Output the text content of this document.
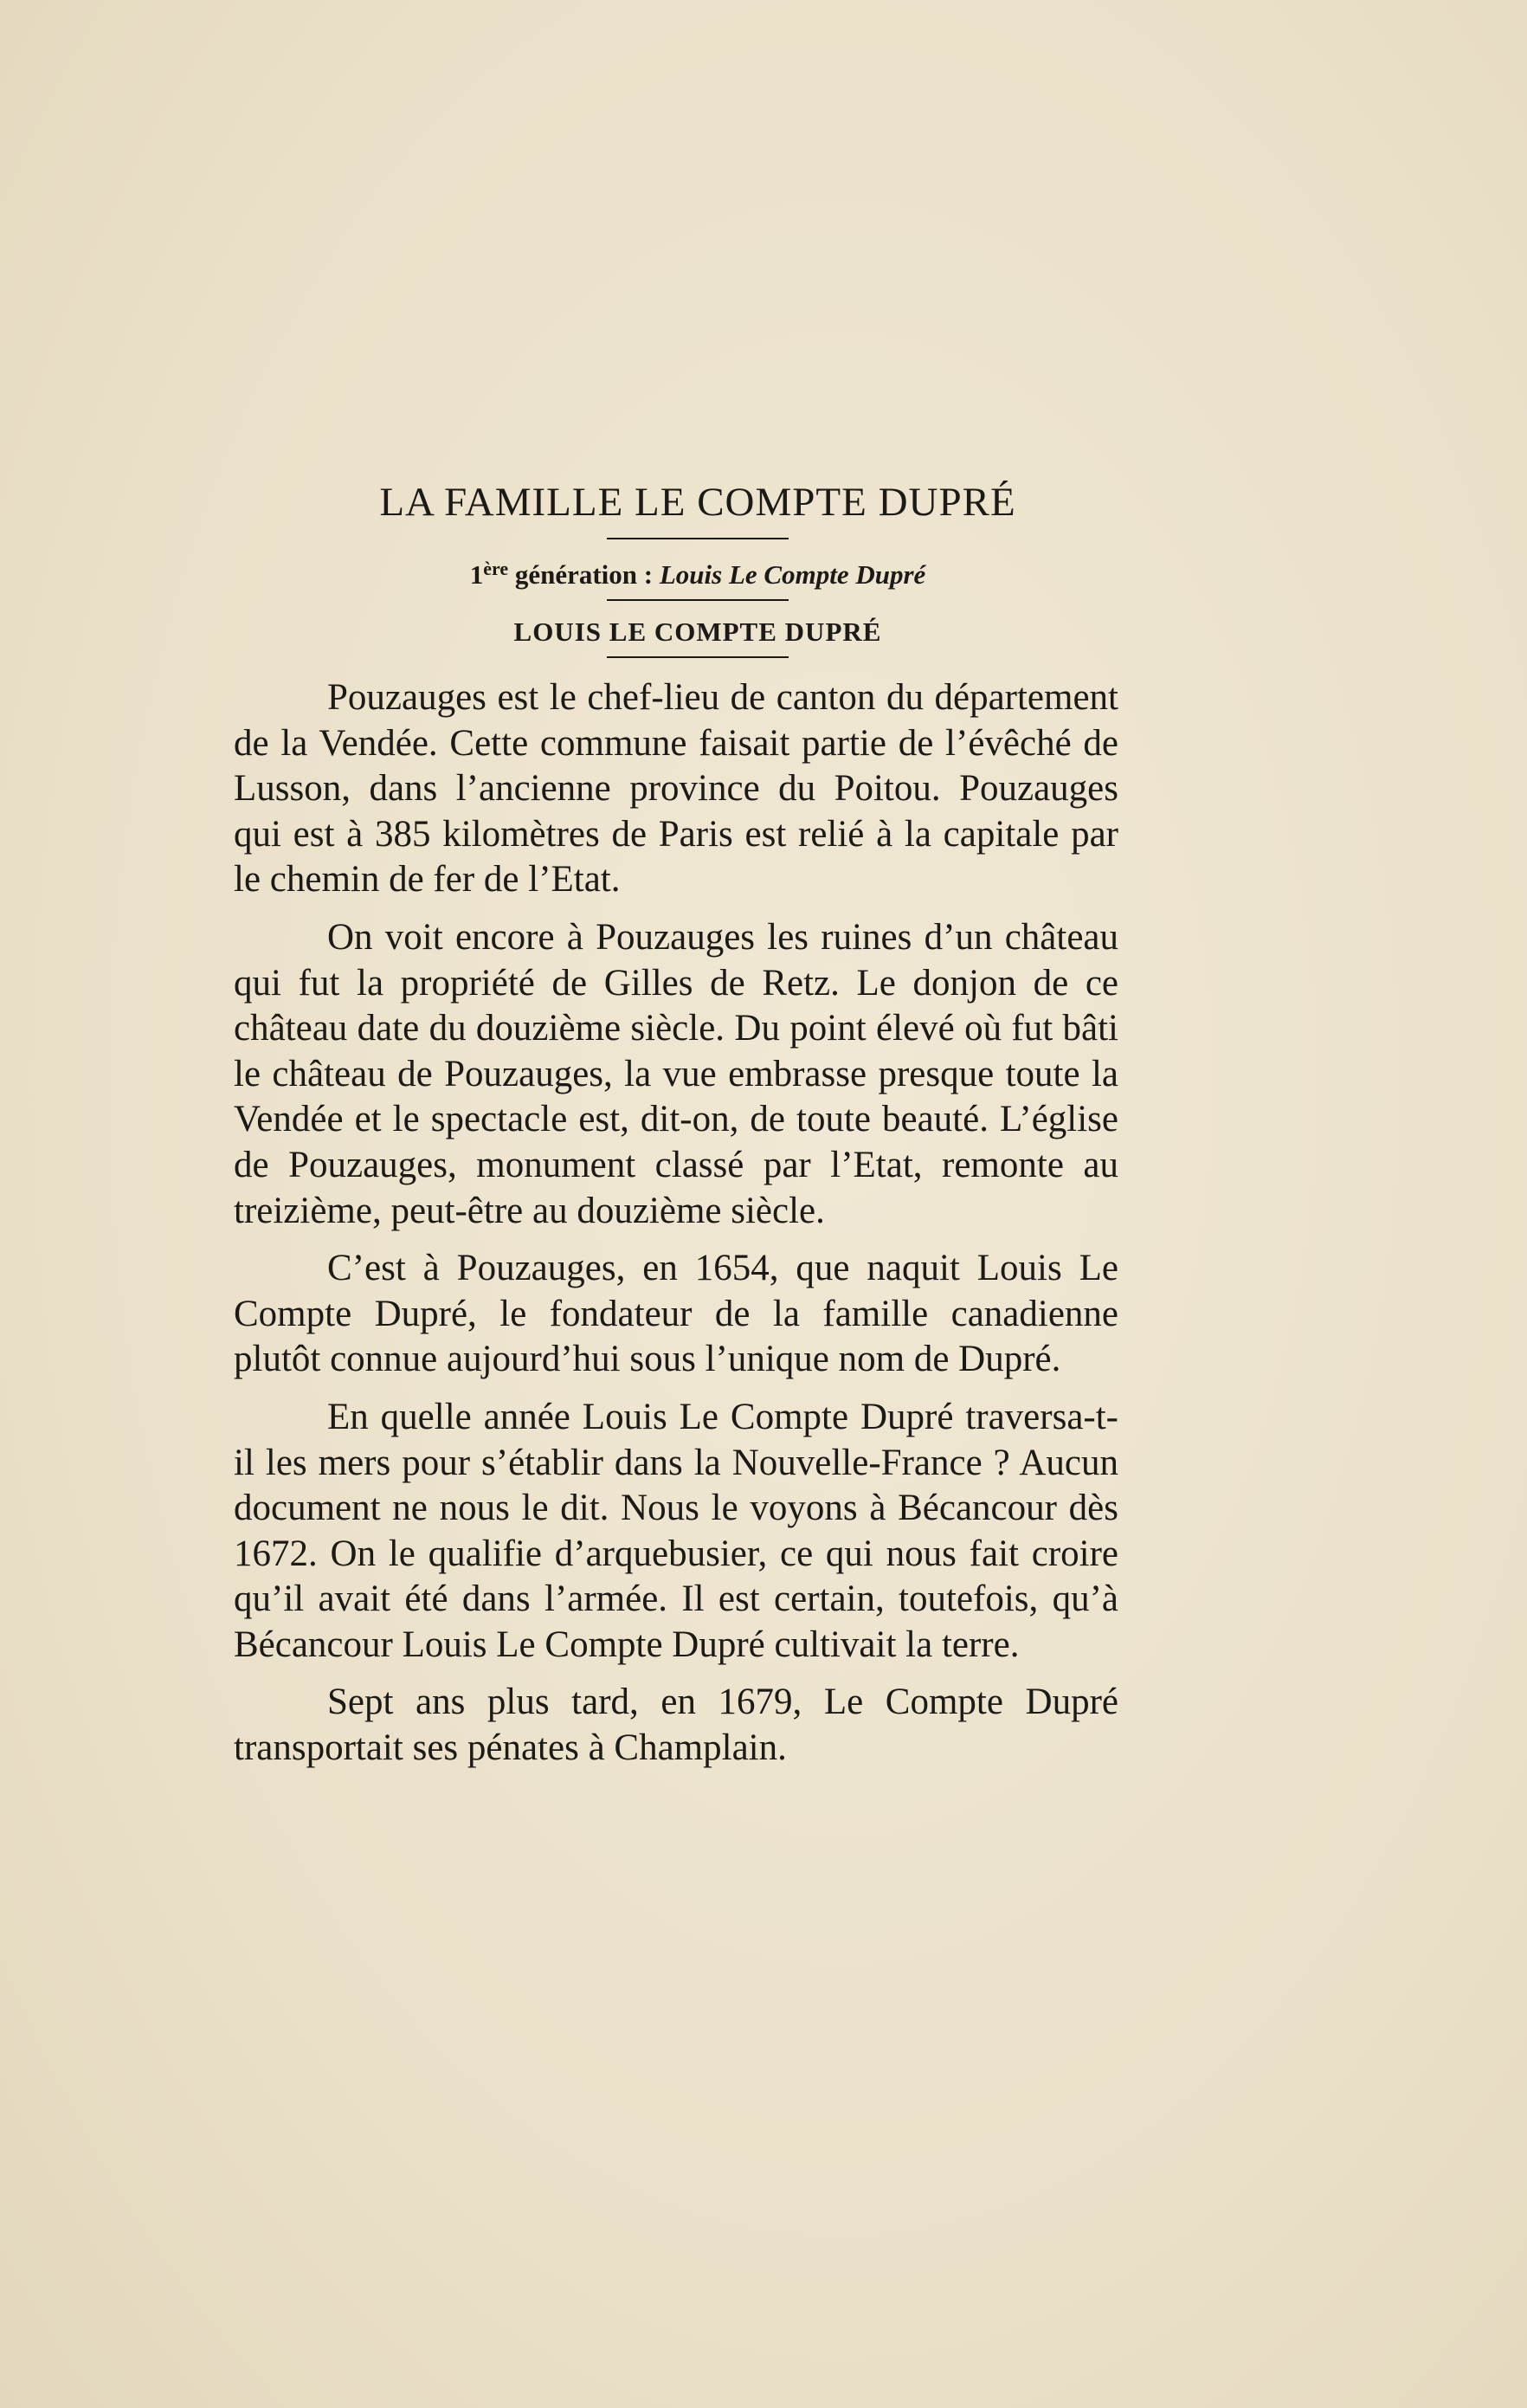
LA FAMILLE LE COMPTE DUPRÉ

1ère génération : Louis Le Compte Dupré

LOUIS LE COMPTE DUPRÉ

Pouzauges est le chef-lieu de canton du département de la Vendée. Cette commune faisait partie de l’évêché de Lusson, dans l’ancienne province du Poitou. Pouzauges qui est à 385 kilomètres de Paris est relié à la capitale par le chemin de fer de l’Etat.

On voit encore à Pouzauges les ruines d’un château qui fut la propriété de Gilles de Retz. Le donjon de ce château date du douzième siècle. Du point élevé où fut bâti le château de Pouzauges, la vue embrasse presque toute la Vendée et le spectacle est, dit-on, de toute beauté. L’église de Pouzauges, monument classé par l’Etat, remonte au treizième, peut-être au douzième siècle.

C’est à Pouzauges, en 1654, que naquit Louis Le Compte Dupré, le fondateur de la famille canadienne plutôt connue aujourd’hui sous l’unique nom de Dupré.

En quelle année Louis Le Compte Dupré traversa-t-il les mers pour s’établir dans la Nouvelle-France ? Aucun document ne nous le dit. Nous le voyons à Bécancour dès 1672. On le qualifie d’arquebusier, ce qui nous fait croire qu’il avait été dans l’armée. Il est certain, toutefois, qu’à Bécancour Louis Le Compte Dupré cultivait la terre.

Sept ans plus tard, en 1679, Le Compte Dupré transportait ses pénates à Champlain.
